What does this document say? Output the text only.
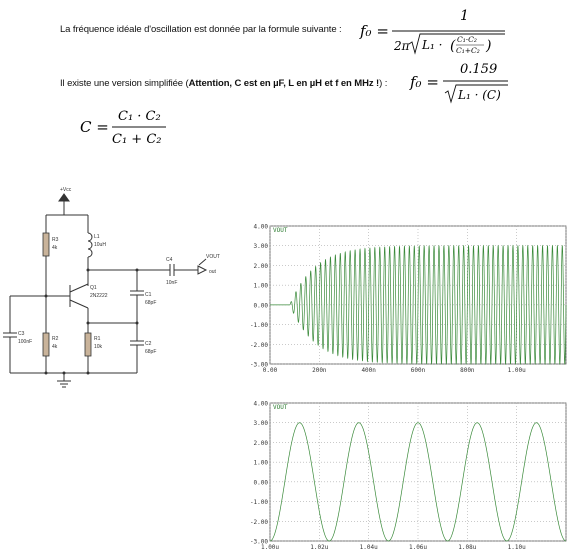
La fréquence idéale d'oscillation est donnée par la formule suivante :
Il existe une version simplifiée (Attention, C est en µF, L en µH et f en MHz !) :
f₀ =
1
2π L₁ · ( C₁·C₂
C₁+C₂ )
f₀ =
0.159
L₁ · (C)
C =
C₁ · C₂
C₁ + C₂
+Vcc
R3
4k
L1
10uH
R2
4k
Q1
2N2222	C1
68pF
C3
100nF	R1
10k	C2
68pF
C4
10nF
VOUT
out
4.00
3.00
2.00
1.00
0.00
-1.00
-2.00
-3.00
0.00	200n	400n	600n	800n	1.00u
VOUT
4.00
3.00
2.00
1.00
0.00
-1.00
-2.00
-3.00
1.00u	1.02u	1.04u	1.06u	1.08u	1.10u
VOUT
